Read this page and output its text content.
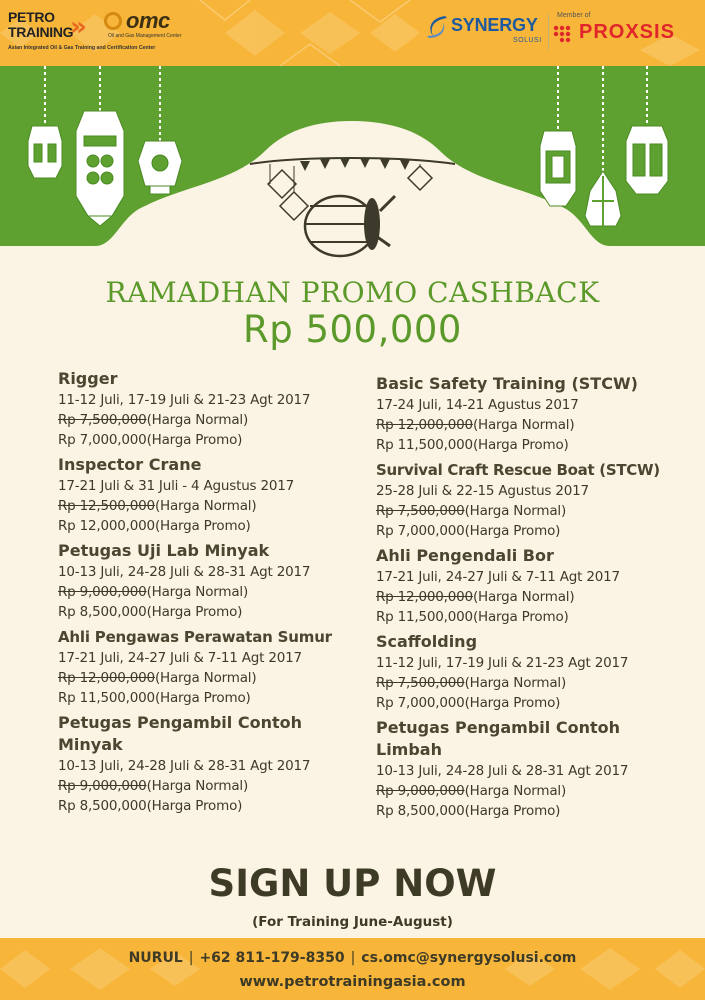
PETRO
TRAINING
»
Asian Integrated Oil & Gas Training and Certification Center
omc
Oil and Gas Management Center
SYNERGY
SOLUSI
Member of
PROXSIS
RAMADHAN PROMO CASHBACK
Rp 500,000
Rigger
11-12 Juli, 17-19 Juli & 21-23 Agt 2017
Rp 7,500,000(Harga Normal)
Rp 7,000,000(Harga Promo)
Inspector Crane
17-21 Juli & 31 Juli - 4 Agustus 2017
Rp 12,500,000(Harga Normal)
Rp 12,000,000(Harga Promo)
Petugas Uji Lab Minyak
10-13 Juli, 24-28 Juli & 28-31 Agt 2017
Rp 9,000,000(Harga Normal)
Rp 8,500,000(Harga Promo)
Ahli Pengawas Perawatan Sumur
17-21 Juli, 24-27 Juli & 7-11 Agt 2017
Rp 12,000,000(Harga Normal)
Rp 11,500,000(Harga Promo)
Petugas Pengambil Contoh
Minyak
10-13 Juli, 24-28 Juli & 28-31 Agt 2017
Rp 9,000,000(Harga Normal)
Rp 8,500,000(Harga Promo)
Basic Safety Training (STCW)
17-24 Juli, 14-21 Agustus 2017
Rp 12,000,000(Harga Normal)
Rp 11,500,000(Harga Promo)
Survival Craft Rescue Boat (STCW)
25-28 Juli & 22-15 Agustus 2017
Rp 7,500,000(Harga Normal)
Rp 7,000,000(Harga Promo)
Ahli Pengendali Bor
17-21 Juli, 24-27 Juli & 7-11 Agt 2017
Rp 12,000,000(Harga Normal)
Rp 11,500,000(Harga Promo)
Scaffolding
11-12 Juli, 17-19 Juli & 21-23 Agt 2017
Rp 7,500,000(Harga Normal)
Rp 7,000,000(Harga Promo)
Petugas Pengambil Contoh
Limbah
10-13 Juli, 24-28 Juli & 28-31 Agt 2017
Rp 9,000,000(Harga Normal)
Rp 8,500,000(Harga Promo)
SIGN UP NOW
(For Training June-August)
NURUL | +62 811-179-8350 | cs.omc@synergysolusi.com
www.petrotrainingasia.com
